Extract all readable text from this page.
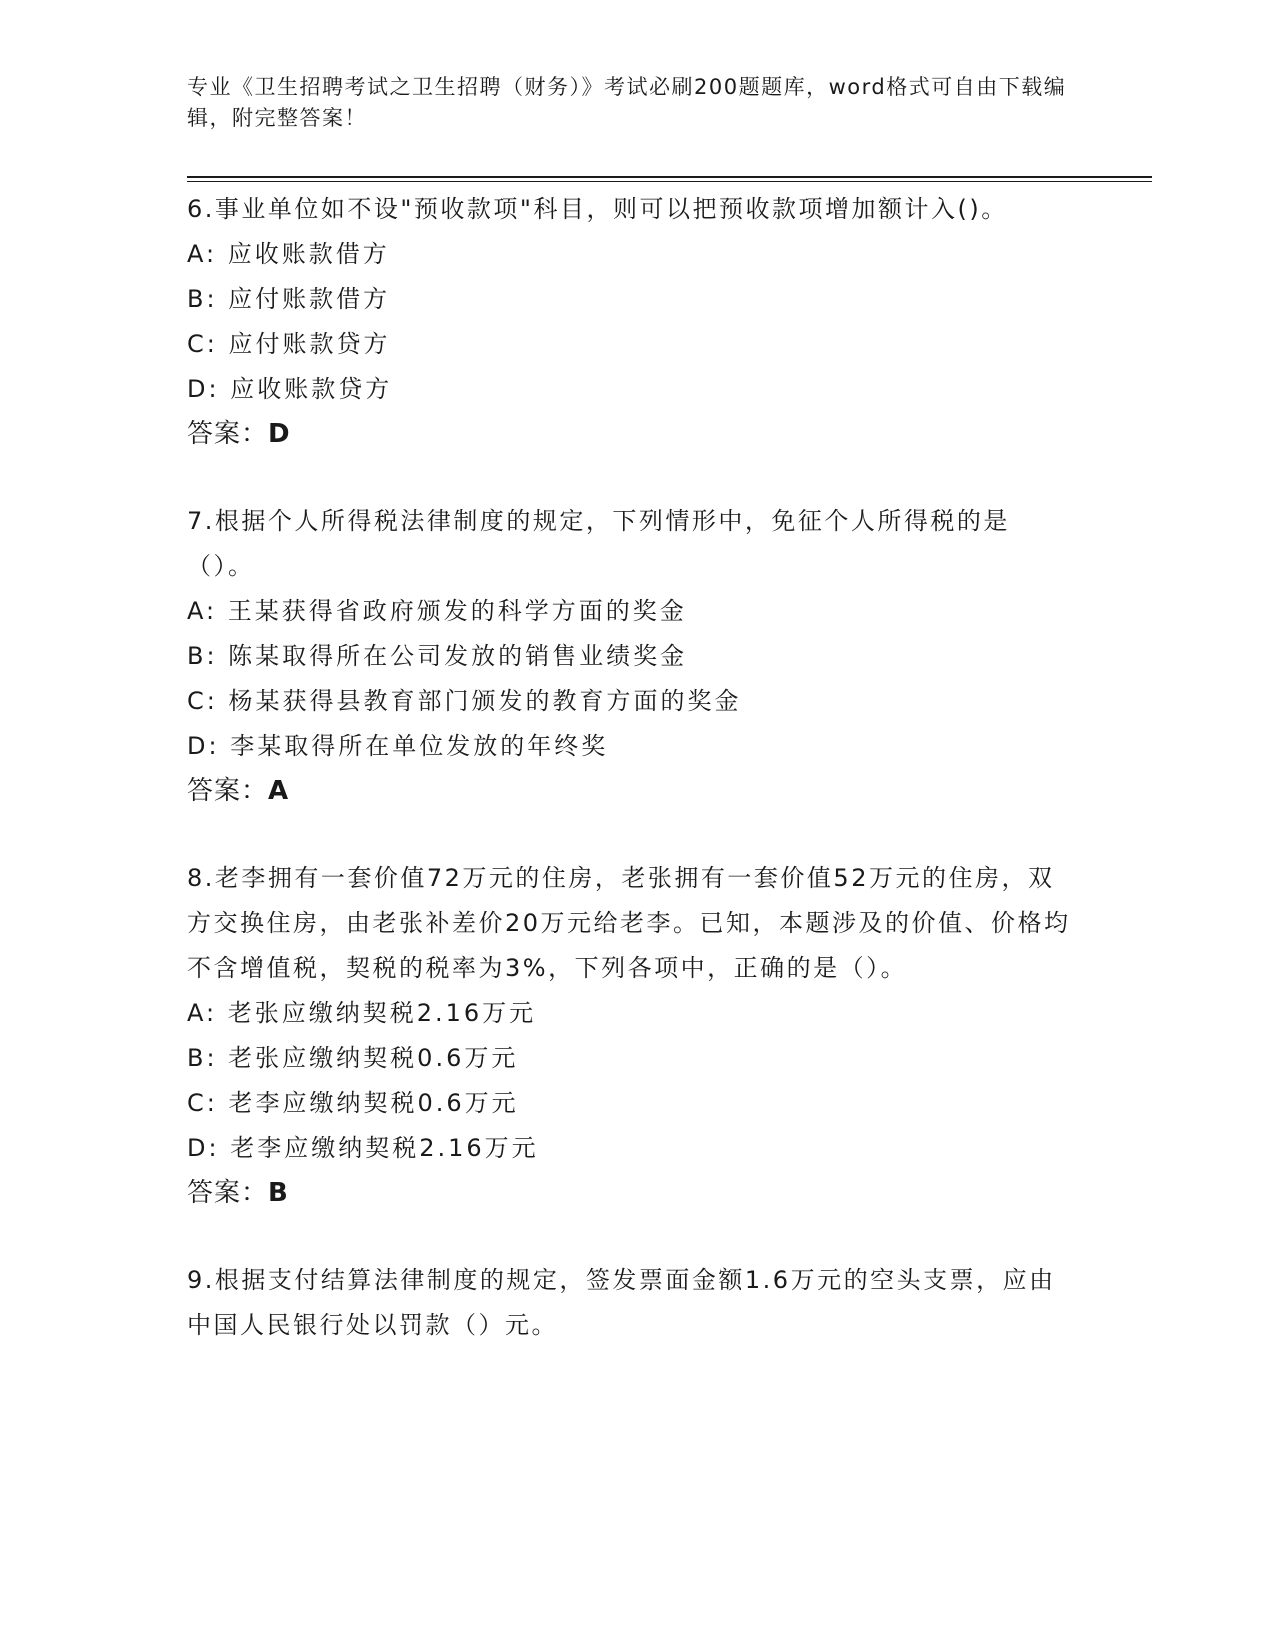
专业《卫生招聘考试之卫生招聘（财务）》考试必刷200题题库，word格式可自由下载编辑，附完整答案！
6.事业单位如不设"预收款项"科目，则可以把预收款项增加额计入()。
A: 应收账款借方
B: 应付账款借方
C: 应付账款贷方
D: 应收账款贷方
答案：D
7.根据个人所得税法律制度的规定，下列情形中，免征个人所得税的是（）。
A: 王某获得省政府颁发的科学方面的奖金
B: 陈某取得所在公司发放的销售业绩奖金
C: 杨某获得县教育部门颁发的教育方面的奖金
D: 李某取得所在单位发放的年终奖
答案：A
8.老李拥有一套价值72万元的住房，老张拥有一套价值52万元的住房，双方交换住房，由老张补差价20万元给老李。已知，本题涉及的价值、价格均不含增值税，契税的税率为3%，下列各项中，正确的是（）。
A: 老张应缴纳契税2.16万元
B: 老张应缴纳契税0.6万元
C: 老李应缴纳契税0.6万元
D: 老李应缴纳契税2.16万元
答案：B
9.根据支付结算法律制度的规定，签发票面金额1.6万元的空头支票，应由中国人民银行处以罚款（）元。
